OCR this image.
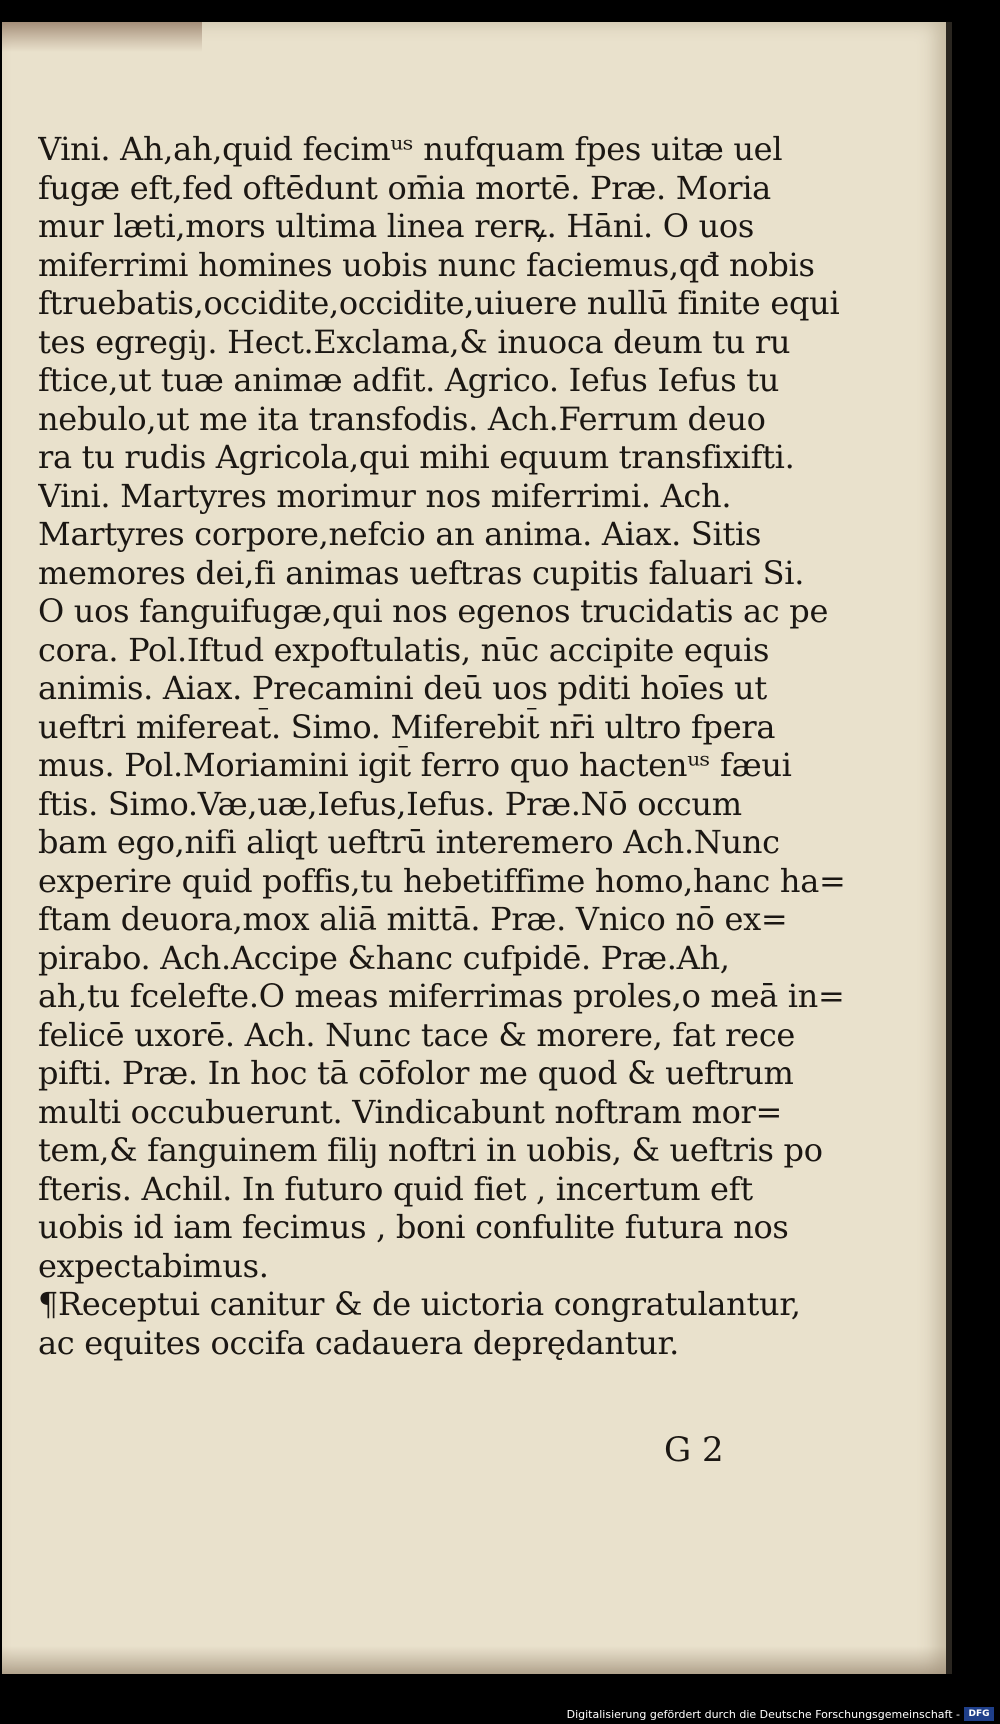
Vini. Ah,ah,quid fecimᵘˢ nufquam fpes uitæ uel
fugæ eft,fed oftēdunt om̄ia mortē. Præ. Moria
mur læti,mors ultima linea rerꝶ. Hāni. O uos
miferrimi homines uobis nunc faciemus,qđ nobis
ftruebatis,occidite,occidite,uiuere nullū finite equi
tes egregiȷ. Hect.Exclama,& inuoca deum tu ru
ftice,ut tuæ animæ adfit. Agrico. Iefus Iefus tu
nebulo,ut me ita transfodis. Ach.Ferrum deuo
ra tu rudis Agricola,qui mihi equum transfixifti.
Vini. Martyres morimur nos miferrimi. Ach.
Martyres corpore,nefcio an anima. Aiax. Sitis
memores dei,fi animas ueftras cupitis faluari Si.
O uos fanguifugæ,qui nos egenos trucidatis ac pe
cora. Pol.Iftud expoftulatis, nūc accipite equis
animis. Aiax. Precamini deū uos pditi hoīes ut
ueftri mifereat̄. Simo. Miferebit̄ nr̄i ultro fpera
mus. Pol.Moriamini igit̄ ferro quo hactenᵘˢ fæui
ftis. Simo.Væ,uæ,Iefus,Iefus. Præ.Nō occum
bam ego,nifi aliqt ueftrū interemero Ach.Nunc
experire quid poffis,tu hebetiffime homo,hanc ha=
ftam deuora,mox aliā mittā. Præ. Vnico nō ex=
pirabo. Ach.Accipe &hanc cufpidē. Præ.Ah,
ah,tu fcelefte.O meas miferrimas proles,o meā in=
felicē uxorē. Ach. Nunc tace & morere, fat rece
pifti. Præ. In hoc tā cōfolor me quod & ueftrum
multi occubuerunt. Vindicabunt noftram mor=
tem,& fanguinem filiȷ noftri in uobis, & ueftris po
fteris. Achil. In futuro quid fiet , incertum eft
uobis id iam fecimus , boni confulite futura nos
expectabimus.
¶Receptui canitur & de uictoria congratulantur,
ac equites occifa cadauera deprędantur.
G 2
Digitalisierung gefördert durch die Deutsche Forschungsgemeinschaft - DFG
